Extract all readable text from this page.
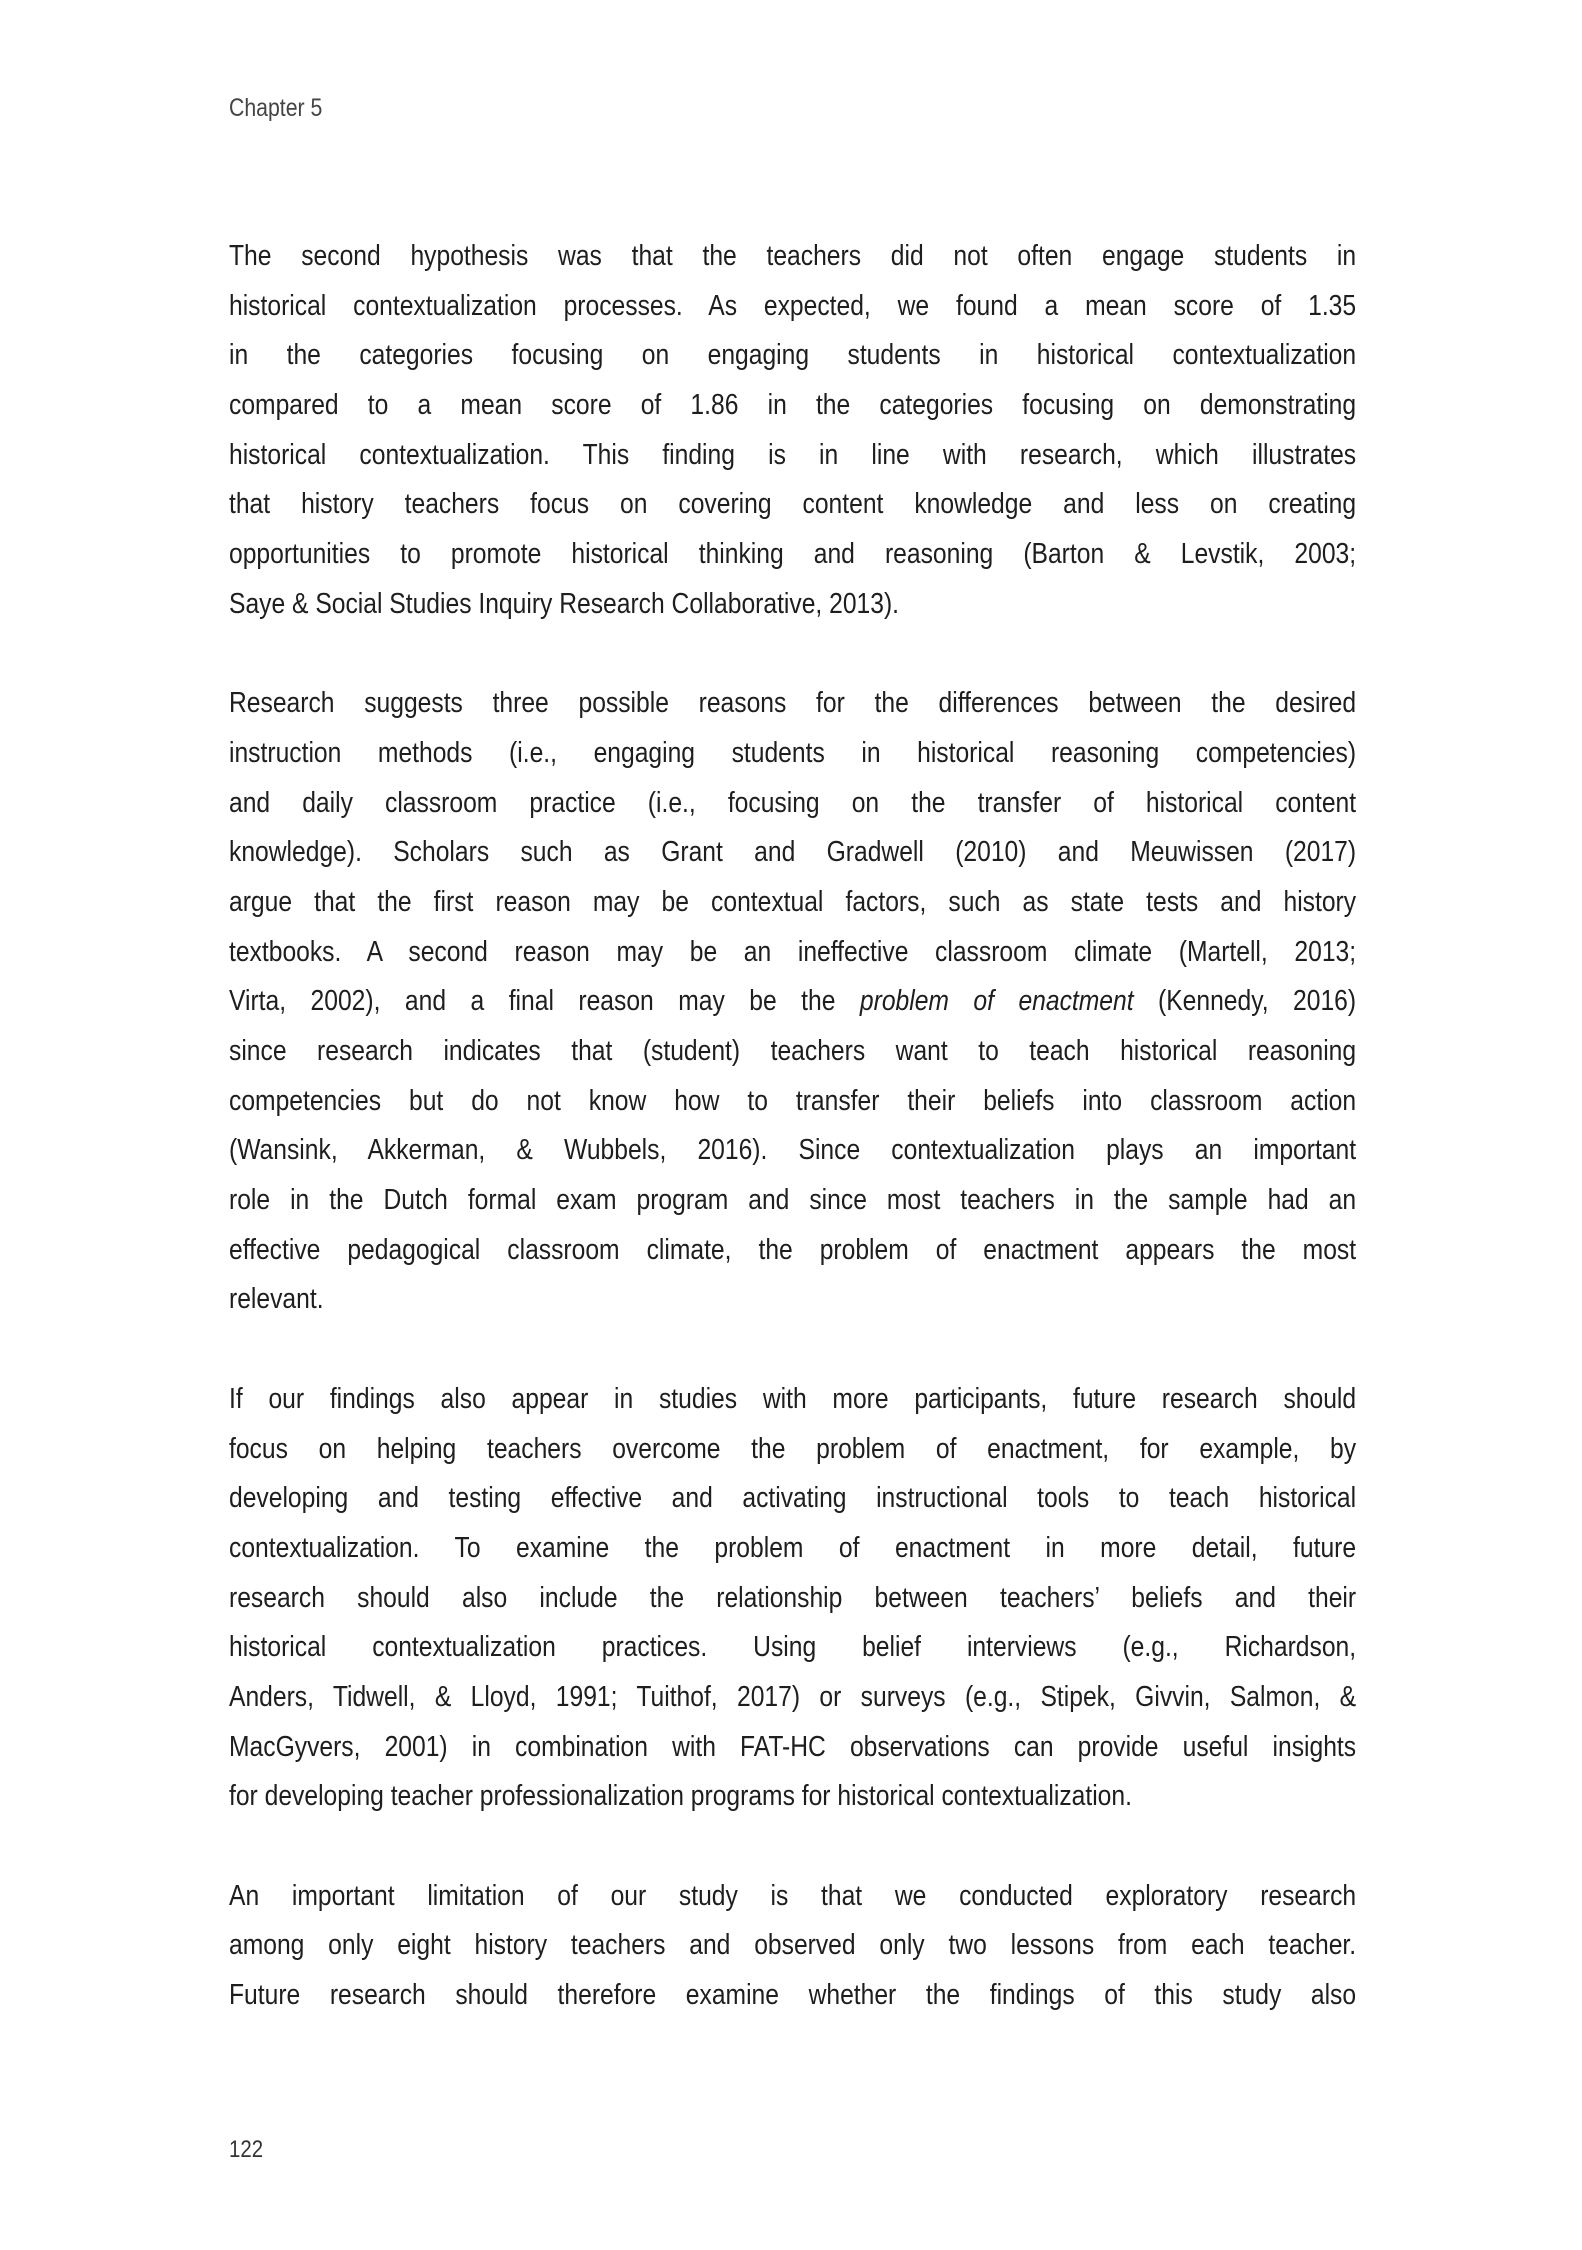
Chapter 5
The second hypothesis was that the teachers did not often engage students in
historical contextualization processes. As expected, we found a mean score of 1.35
in the categories focusing on engaging students in historical contextualization
compared to a mean score of 1.86 in the categories focusing on demonstrating
historical contextualization. This finding is in line with research, which illustrates
that history teachers focus on covering content knowledge and less on creating
opportunities to promote historical thinking and reasoning (Barton & Levstik, 2003;
Saye & Social Studies Inquiry Research Collaborative, 2013).
Research suggests three possible reasons for the differences between the desired
instruction methods (i.e., engaging students in historical reasoning competencies)
and daily classroom practice (i.e., focusing on the transfer of historical content
knowledge). Scholars such as Grant and Gradwell (2010) and Meuwissen (2017)
argue that the first reason may be contextual factors, such as state tests and history
textbooks. A second reason may be an ineffective classroom climate (Martell, 2013;
Virta, 2002), and a final reason may be the problem of enactment (Kennedy, 2016)
since research indicates that (student) teachers want to teach historical reasoning
competencies but do not know how to transfer their beliefs into classroom action
(Wansink, Akkerman, & Wubbels, 2016). Since contextualization plays an important
role in the Dutch formal exam program and since most teachers in the sample had an
effective pedagogical classroom climate, the problem of enactment appears the most
relevant.
If our findings also appear in studies with more participants, future research should
focus on helping teachers overcome the problem of enactment, for example, by
developing and testing effective and activating instructional tools to teach historical
contextualization. To examine the problem of enactment in more detail, future
research should also include the relationship between teachers’ beliefs and their
historical contextualization practices. Using belief interviews (e.g., Richardson,
Anders, Tidwell, & Lloyd, 1991; Tuithof, 2017) or surveys (e.g., Stipek, Givvin, Salmon, &
MacGyvers, 2001) in combination with FAT-HC observations can provide useful insights
for developing teacher professionalization programs for historical contextualization.
An important limitation of our study is that we conducted exploratory research
among only eight history teachers and observed only two lessons from each teacher.
Future research should therefore examine whether the findings of this study also
122
